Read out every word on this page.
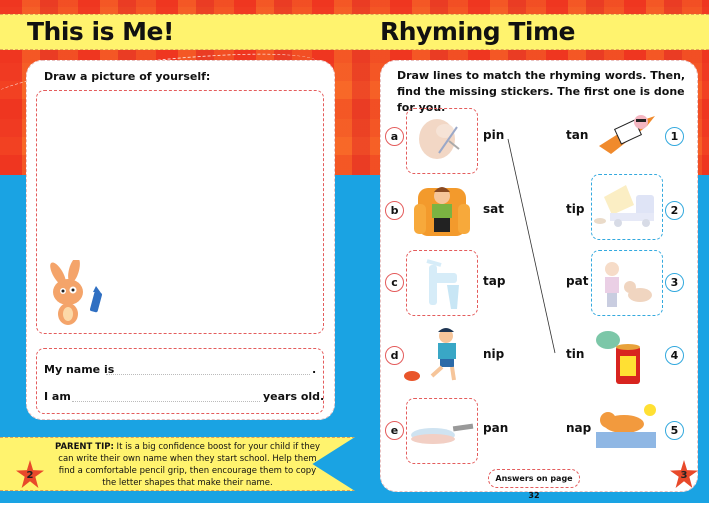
This is Me!	Rhyming Time
Draw a picture of yourself:
My name is	.
I am	years old.
PARENT TIP: It is a big confidence boost for your child if they can write their own name when they start school. Help them find a comfortable pencil grip, then encourage them to copy the letter shapes that make their name.
2
Draw lines to match the rhyming words. Then, find the missing stickers. The first one is done for you.
a	pin
b	sat
c	tap
d	nip
e	pan
tan	1
tip	2
pat	3
tin	4
nap	5
Answers on page 32
3
